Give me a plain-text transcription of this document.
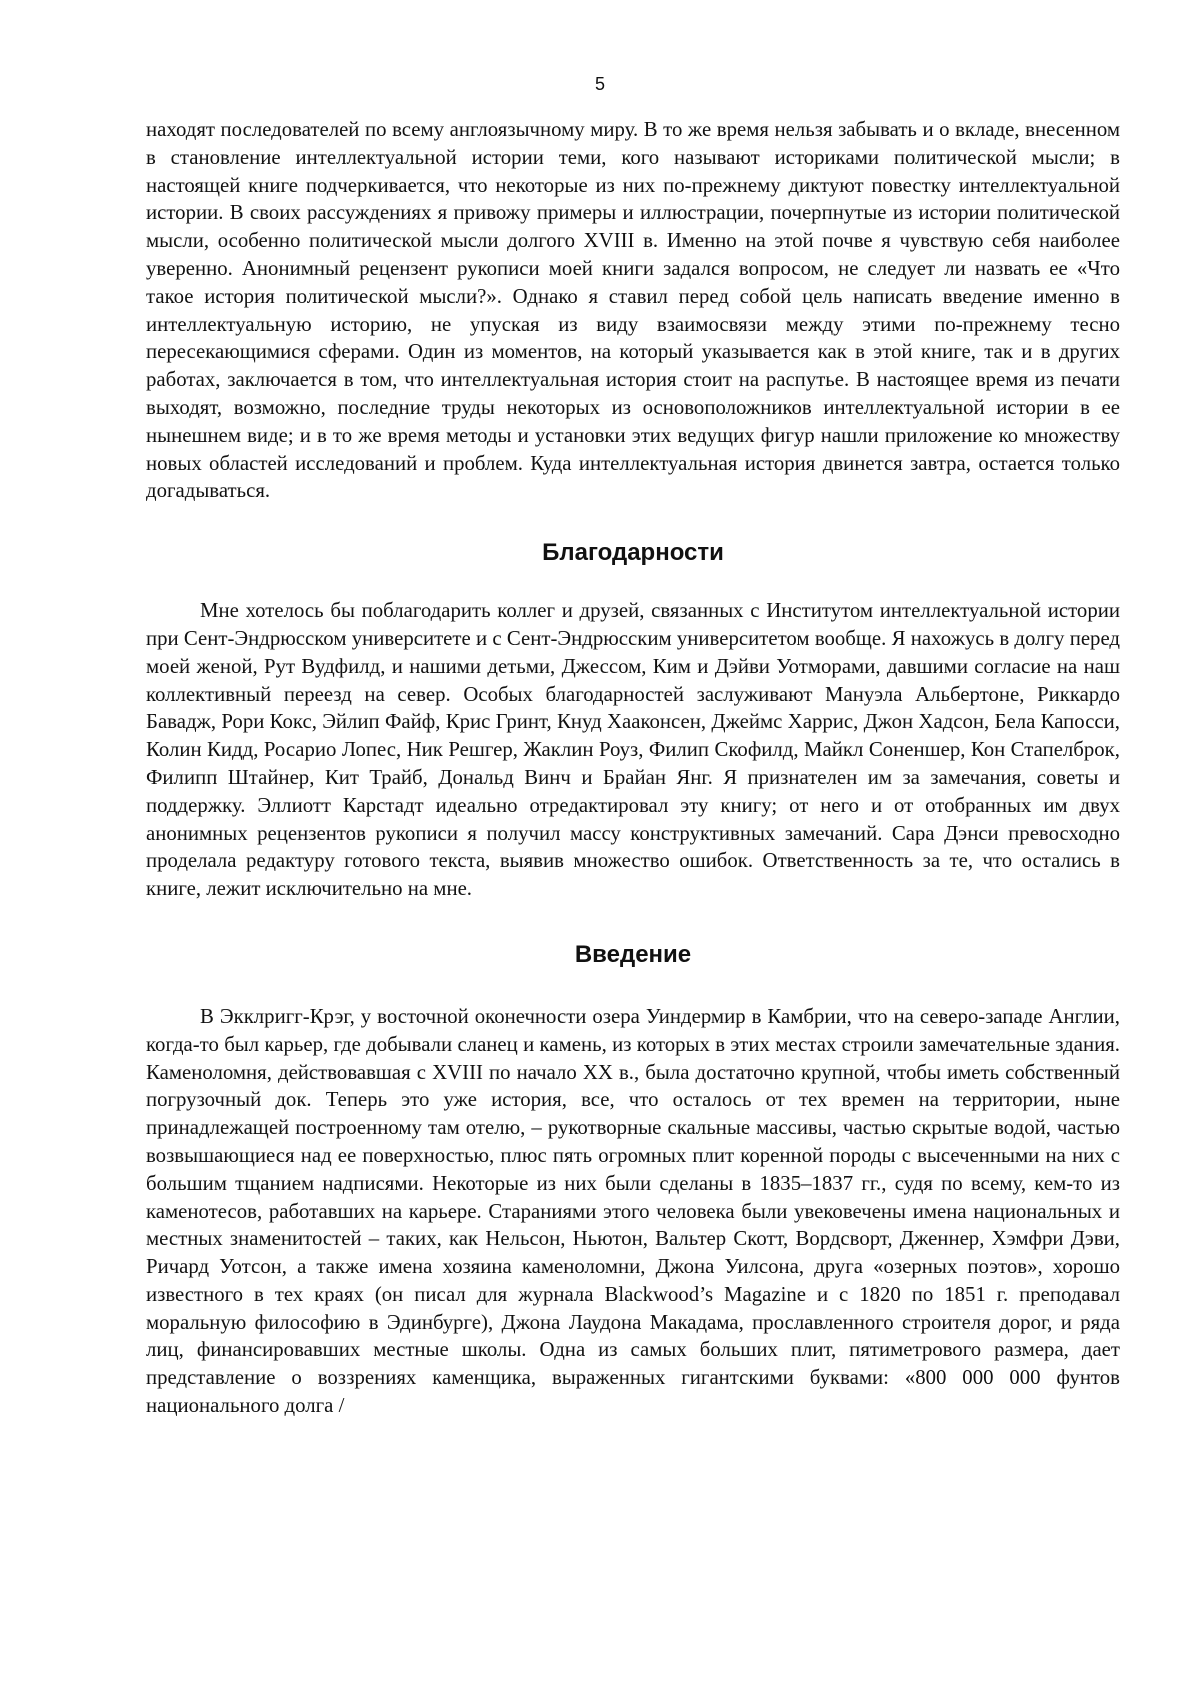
5

находят последователей по всему англоязычному миру. В то же время нельзя забывать и о вкладе, внесенном в становление интеллектуальной истории теми, кого называют историками политической мысли; в настоящей книге подчеркивается, что некоторые из них по-прежнему диктуют повестку интеллектуальной истории. В своих рассуждениях я привожу примеры и иллюстрации, почерпнутые из истории политической мысли, особенно политической мысли долгого XVIII в. Именно на этой почве я чувствую себя наиболее уверенно. Анонимный рецензент рукописи моей книги задался вопросом, не следует ли назвать ее «Что такое история политической мысли?». Однако я ставил перед собой цель написать введение именно в интеллектуальную историю, не упуская из виду взаимосвязи между этими по-прежнему тесно пересекающимися сферами. Один из моментов, на который указывается как в этой книге, так и в других работах, заключается в том, что интеллектуальная история стоит на распутье. В настоящее время из печати выходят, возможно, последние труды некоторых из основоположников интеллектуальной истории в ее нынешнем виде; и в то же время методы и установки этих ведущих фигур нашли приложение ко множеству новых областей исследований и проблем. Куда интеллектуальная история двинется завтра, остается только догадываться.

Благодарности

Мне хотелось бы поблагодарить коллег и друзей, связанных с Институтом интеллектуальной истории при Сент-Эндрюсском университете и с Сент-Эндрюсским университетом вообще. Я нахожусь в долгу перед моей женой, Рут Вудфилд, и нашими детьми, Джессом, Ким и Дэйви Уотморами, давшими согласие на наш коллективный переезд на север. Особых благодарностей заслуживают Мануэла Альбертоне, Риккардо Бавадж, Рори Кокс, Эйлип Файф, Крис Гринт, Кнуд Хааконсен, Джеймс Харрис, Джон Хадсон, Бела Капосси, Колин Кидд, Росарио Лопес, Ник Решгер, Жаклин Роуз, Филип Скофилд, Майкл Соненшер, Кон Стапелброк, Филипп Штайнер, Кит Трайб, Дональд Винч и Брайан Янг. Я признателен им за замечания, советы и поддержку. Эллиотт Карстадт идеально отредактировал эту книгу; от него и от отобранных им двух анонимных рецензентов рукописи я получил массу конструктивных замечаний. Сара Дэнси превосходно проделала редактуру готового текста, выявив множество ошибок. Ответственность за те, что остались в книге, лежит исключительно на мне.

Введение

В Экклригг-Крэг, у восточной оконечности озера Уиндермир в Камбрии, что на северо-западе Англии, когда-то был карьер, где добывали сланец и камень, из которых в этих местах строили замечательные здания. Каменоломня, действовавшая с XVIII по начало XX в., была достаточно крупной, чтобы иметь собственный погрузочный док. Теперь это уже история, все, что осталось от тех времен на территории, ныне принадлежащей построенному там отелю, – рукотворные скальные массивы, частью скрытые водой, частью возвышающиеся над ее поверхностью, плюс пять огромных плит коренной породы с высеченными на них с большим тщанием надписями. Некоторые из них были сделаны в 1835–1837 гг., судя по всему, кем-то из каменотесов, работавших на карьере. Стараниями этого человека были увековечены имена национальных и местных знаменитостей – таких, как Нельсон, Ньютон, Вальтер Скотт, Вордсворт, Дженнер, Хэмфри Дэви, Ричард Уотсон, а также имена хозяина каменоломни, Джона Уилсона, друга «озерных поэтов», хорошо известного в тех краях (он писал для журнала Blackwood’s Magazine и с 1820 по 1851 г. преподавал моральную философию в Эдинбурге), Джона Лаудона Макадама, прославленного строителя дорог, и ряда лиц, финансировавших местные школы. Одна из самых больших плит, пятиметрового размера, дает представление о воззрениях каменщика, выраженных гигантскими буквами: «800 000 000 фунтов национального долга /
